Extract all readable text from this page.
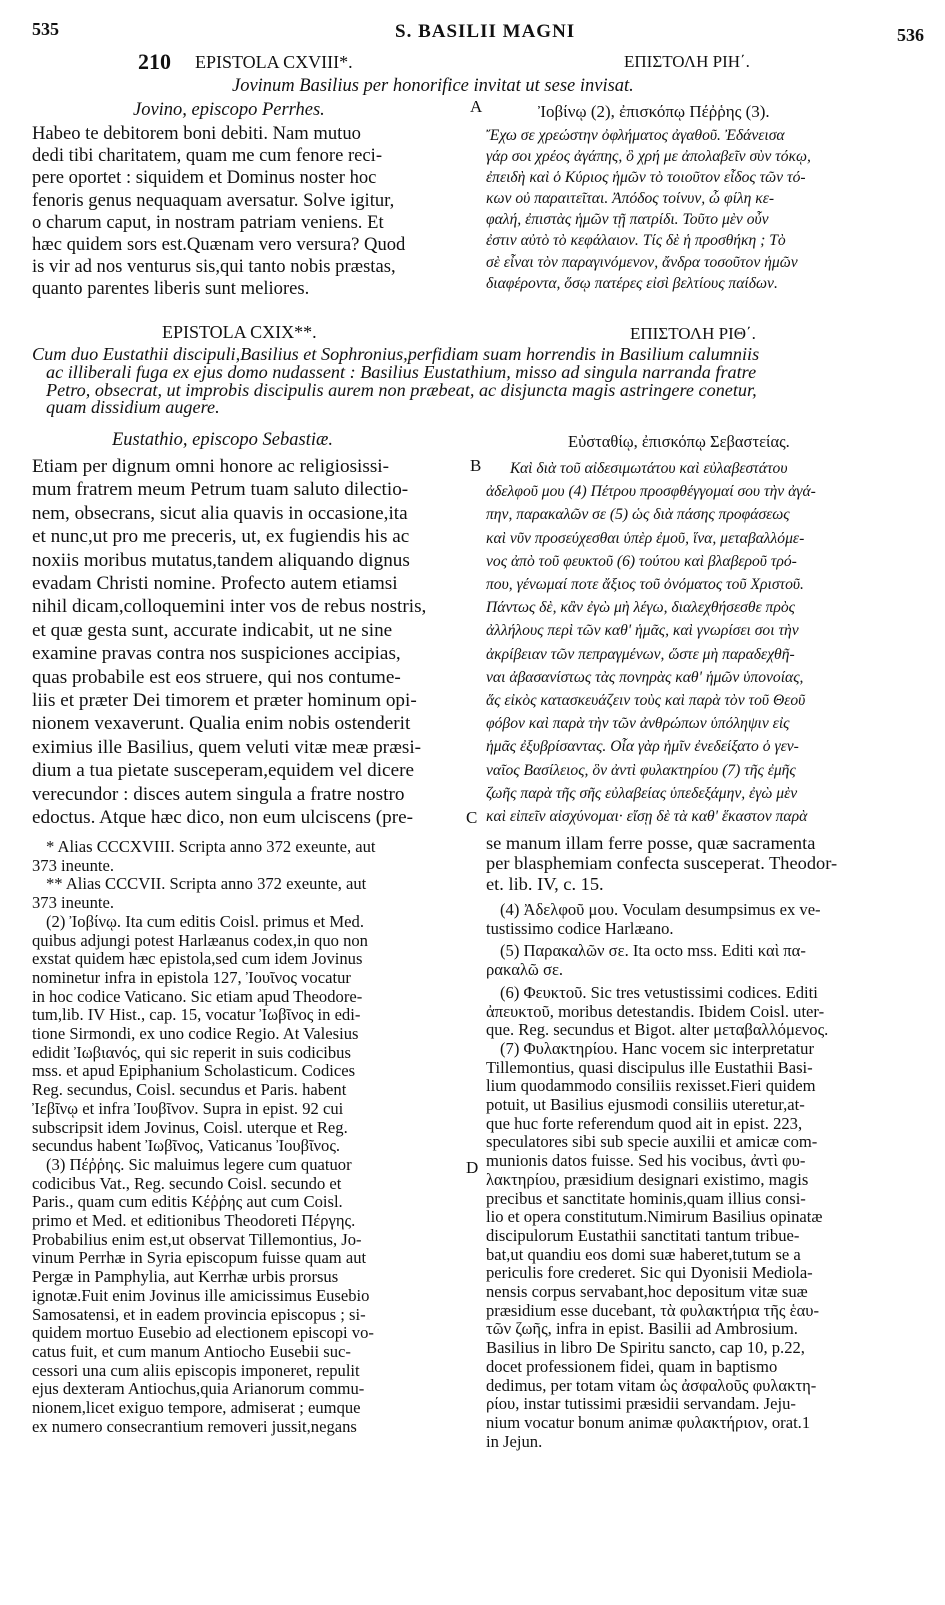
535	S. BASILII MAGNI	536
210 EPISTOLA CXVIII*.	ΕΠΙΣΤΟΛΗ ΡΙΗ΄.
Jovinum Basilius per honorifice invitat ut sese invisat.
Jovino, episcopo Perrhes.	A	Ἰοβίνῳ (2), ἐπισκόπῳ Πέῤῥης (3).
Habeo te debitorem boni debiti. Nam mutuo
dedi tibi charitatem, quam me cum fenore reci-
pere oportet : siquidem et Dominus noster hoc
fenoris genus nequaquam aversatur. Solve igitur,
o charum caput, in nostram patriam veniens. Et
hæc quidem sors est.Quænam vero versura? Quod
is vir ad nos venturus sis,qui tanto nobis præstas,
quanto parentes liberis sunt meliores.
Ἔχω σε χρεώστην ὀφλήματος ἀγαθοῦ. Ἐδάνεισα
γάρ σοι χρέος ἀγάπης, ὃ χρή με ἀπολαβεῖν σὺν τόκῳ,
ἐπειδὴ καὶ ὁ Κύριος ἡμῶν τὸ τοιοῦτον εἶδος τῶν τό-
κων οὐ παραιτεῖται. Ἀπόδος τοίνυν, ὦ φίλη κε-
φαλή, ἐπιστὰς ἡμῶν τῇ πατρίδι. Τοῦτο μὲν οὖν
ἐστιν αὐτὸ τὸ κεφάλαιον. Τίς δὲ ἡ προσθήκη ; Τὸ
σὲ εἶναι τὸν παραγινόμενον, ἄνδρα τοσοῦτον ἡμῶν
διαφέροντα, ὅσῳ πατέρες εἰσὶ βελτίους παίδων.
EPISTOLA CXIX**.	ΕΠΙΣΤΟΛΗ ΡΙΘ΄.
Cum duo Eustathii discipuli,Basilius et Sophronius,perfidiam suam horrendis in Basilium calumniis
ac illiberali fuga ex ejus domo nudassent : Basilius Eustathium, misso ad singula narranda fratre
Petro, obsecrat, ut improbis discipulis aurem non præbeat, ac disjuncta magis astringere conetur,
quam dissidium augere.
Eustathio, episcopo Sebastiæ.	Εὐσταθίῳ, ἐπισκόπῳ Σεβαστείας.
Etiam per dignum omni honore ac religiosissi-
mum fratrem meum Petrum tuam saluto dilectio-
nem, obsecrans, sicut alia quavis in occasione,ita
et nunc,ut pro me preceris, ut, ex fugiendis his ac
noxiis moribus mutatus,tandem aliquando dignus
evadam Christi nomine. Profecto autem etiamsi
nihil dicam,colloquemini inter vos de rebus nostris,
et quæ gesta sunt, accurate indicabit, ut ne sine
examine pravas contra nos suspiciones accipias,
quas probabile est eos struere, qui nos contume-
liis et præter Dei timorem et præter hominum opi-
nionem vexaverunt. Qualia enim nobis ostenderit
eximius ille Basilius, quem veluti vitæ meæ præsi-
dium a tua pietate susceperam,equidem vel dicere
verecundor : disces autem singula a fratre nostro
edoctus. Atque hæc dico, non eum ulciscens (pre-
B
C
Καὶ διὰ τοῦ αἰδεσιμωτάτου καὶ εὐλαβεστάτου
ἀδελφοῦ μου (4) Πέτρου προσφθέγγομαί σου τὴν ἀγά-
πην, παρακαλῶν σε (5) ὡς διὰ πάσης προφάσεως
καὶ νῦν προσεύχεσθαι ὑπὲρ ἐμοῦ, ἵνα, μεταβαλλόμε-
νος ἀπὸ τοῦ φευκτοῦ (6) τούτου καὶ βλαβεροῦ τρό-
που, γένωμαί ποτε ἄξιος τοῦ ὀνόματος τοῦ Χριστοῦ.
Πάντως δὲ, κἂν ἐγὼ μὴ λέγω, διαλεχθήσεσθε πρὸς
ἀλλήλους περὶ τῶν καθ' ἡμᾶς, καὶ γνωρίσει σοι τὴν
ἀκρίβειαν τῶν πεπραγμένων, ὥστε μὴ παραδεχθῆ-
ναι ἀβασανίστως τὰς πονηρὰς καθ' ἡμῶν ὑπονοίας,
ἅς εἰκὸς κατασκευάζειν τοὺς καὶ παρὰ τὸν τοῦ Θεοῦ
φόβον καὶ παρὰ τὴν τῶν ἀνθρώπων ὑπόληψιν εἰς
ἡμᾶς ἐξυβρίσαντας. Οἷα γὰρ ἡμῖν ἐνεδείξατο ὁ γεν-
ναῖος Βασίλειος, ὃν ἀντὶ φυλακτηρίου (7) τῆς ἐμῆς
ζωῆς παρὰ τῆς σῆς εὐλαβείας ὑπεδεξάμην, ἐγὼ μὲν
καὶ εἰπεῖν αἰσχύνομαι· εἴσῃ δὲ τὰ καθ' ἕκαστον παρὰ
se manum illam ferre posse, quæ sacramenta
per blasphemiam confecta susceperat. Theodor-
et. lib. IV, c. 15.
* Alias CCCXVIII. Scripta anno 372 exeunte, aut
373 ineunte.
** Alias CCCVII. Scripta anno 372 exeunte, aut
373 ineunte.
(2) Ἰοβίνῳ. Ita cum editis Coisl. primus et Med.
quibus adjungi potest Harlæanus codex,in quo non
exstat quidem hæc epistola,sed cum idem Jovinus
nominetur infra in epistola 127, Ἰουῖνος vocatur
in hoc codice Vaticano. Sic etiam apud Theodore-
tum,lib. IV Hist., cap. 15, vocatur Ἰωβῖνος in edi-
tione Sirmondi, ex uno codice Regio. At Valesius
edidit Ἰωβιανός, qui sic reperit in suis codicibus
mss. et apud Epiphanium Scholasticum. Codices
Reg. secundus, Coisl. secundus et Paris. habent
Ἰεβῖνῳ et infra Ἰουβῖνον. Supra in epist. 92 cui
subscripsit idem Jovinus, Coisl. uterque et Reg.
secundus habent Ἰωβῖνος, Vaticanus Ἰουβῖνος.
(3) Πέῤῥης. Sic maluimus legere cum quatuor
codicibus Vat., Reg. secundo Coisl. secundo et
Paris., quam cum editis Κέῤῥης aut cum Coisl.
primo et Med. et editionibus Theodoreti Πέργης.
Probabilius enim est,ut observat Tillemontius, Jo-
vinum Perrhæ in Syria episcopum fuisse quam aut
Pergæ in Pamphylia, aut Kerrhæ urbis prorsus
ignotæ.Fuit enim Jovinus ille amicissimus Eusebio
Samosatensi, et in eadem provincia episcopus ; si-
quidem mortuo Eusebio ad electionem episcopi vo-
catus fuit, et cum manum Antiocho Eusebii suc-
cessori una cum aliis episcopis imponeret, repulit
ejus dexteram Antiochus,quia Arianorum commu-
nionem,licet exiguo tempore, admiserat ; eumque
ex numero consecrantium removeri jussit,negans
D
(4) Ἀδελφοῦ μου. Voculam desumpsimus ex ve-
tustissimo codice Harlæano.
(5) Παρακαλῶν σε. Ita octo mss. Editi καὶ πα-
ρακαλῶ σε.
(6) Φευκτοῦ. Sic tres vetustissimi codices. Editi
ἀπευκτοῦ, moribus detestandis. Ibidem Coisl. uter-
que. Reg. secundus et Bigot. alter μεταβαλλόμενος.
(7) Φυλακτηρίου. Hanc vocem sic interpretatur
Tillemontius, quasi discipulus ille Eustathii Basi-
lium quodammodo consiliis rexisset.Fieri quidem
potuit, ut Basilius ejusmodi consiliis uteretur,at-
que huc forte referendum quod ait in epist. 223,
speculatores sibi sub specie auxilii et amicæ com-
munionis datos fuisse. Sed his vocibus, ἀντὶ φυ-
λακτηρίου, præsidium designari existimo, magis
precibus et sanctitate hominis,quam illius consi-
lio et opera constitutum.Nimirum Basilius opinatæ
discipulorum Eustathii sanctitati tantum tribue-
bat,ut quandiu eos domi suæ haberet,tutum se a
periculis fore crederet. Sic qui Dyonisii Mediola-
nensis corpus servabant,hoc depositum vitæ suæ
præsidium esse ducebant, τὰ φυλακτήρια τῆς ἑαυ-
τῶν ζωῆς, infra in epist. Basilii ad Ambrosium.
Basilius in libro De Spiritu sancto, cap 10, p.22,
docet professionem fidei, quam in baptismo
dedimus, per totam vitam ὡς ἀσφαλοῦς φυλακτη-
ρίου, instar tutissimi præsidii servandam. Jeju-
nium vocatur bonum animæ φυλακτήριον, orat.1
in Jejun.
